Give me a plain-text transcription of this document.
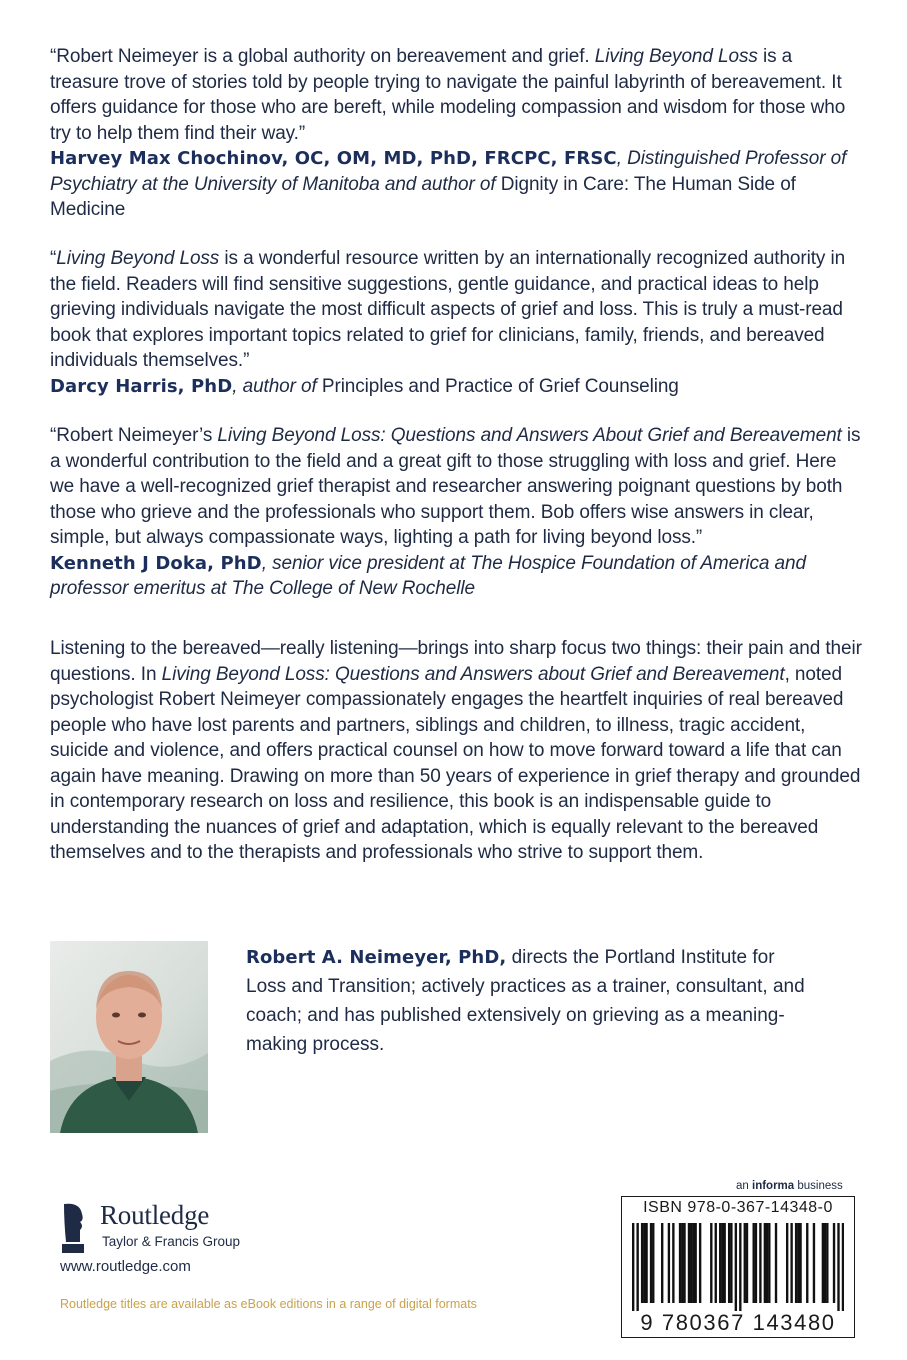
“Robert Neimeyer is a global authority on bereavement and grief. Living Beyond Loss is a treasure trove of stories told by people trying to navigate the painful labyrinth of bereavement. It offers guidance for those who are bereft, while modeling compassion and wisdom for those who try to help them find their way.”

Harvey Max Chochinov, OC, OM, MD, PhD, FRCPC, FRSC, Distinguished Professor of Psychiatry at the University of Manitoba and author of Dignity in Care: The Human Side of Medicine

“Living Beyond Loss is a wonderful resource written by an internationally recognized authority in the field. Readers will find sensitive suggestions, gentle guidance, and practical ideas to help grieving individuals navigate the most difficult aspects of grief and loss. This is truly a must-read book that explores important topics related to grief for clinicians, family, friends, and bereaved individuals themselves.”

Darcy Harris, PhD, author of Principles and Practice of Grief Counseling

“Robert Neimeyer’s Living Beyond Loss: Questions and Answers About Grief and Bereavement is a wonderful contribution to the field and a great gift to those struggling with loss and grief. Here we have a well-recognized grief therapist and researcher answering poignant questions by both those who grieve and the professionals who support them. Bob offers wise answers in clear, simple, but always compassionate ways, lighting a path for living beyond loss.”

Kenneth J Doka, PhD, senior vice president at The Hospice Foundation of America and professor emeritus at The College of New Rochelle

Listening to the bereaved—really listening—brings into sharp focus two things: their pain and their questions. In Living Beyond Loss: Questions and Answers about Grief and Bereavement, noted psychologist Robert Neimeyer compassionately engages the heartfelt inquiries of real bereaved people who have lost parents and partners, siblings and children, to illness, tragic accident, suicide and violence, and offers practical counsel on how to move forward toward a life that can again have meaning. Drawing on more than 50 years of experience in grief therapy and grounded in contemporary research on loss and resilience, this book is an indispensable guide to understanding the nuances of grief and adaptation, which is equally relevant to the bereaved themselves and to the therapists and professionals who strive to support them.

Robert A. Neimeyer, PhD, directs the Portland Institute for Loss and Transition; actively practices as a trainer, consultant, and coach; and has published extensively on grieving as a meaning-making process.
Routledge
Taylor & Francis Group
www.routledge.com
Routledge titles are available as eBook editions in a range of digital formats
an informa business
ISBN 978-0-367-14348-0
9 780367 143480
